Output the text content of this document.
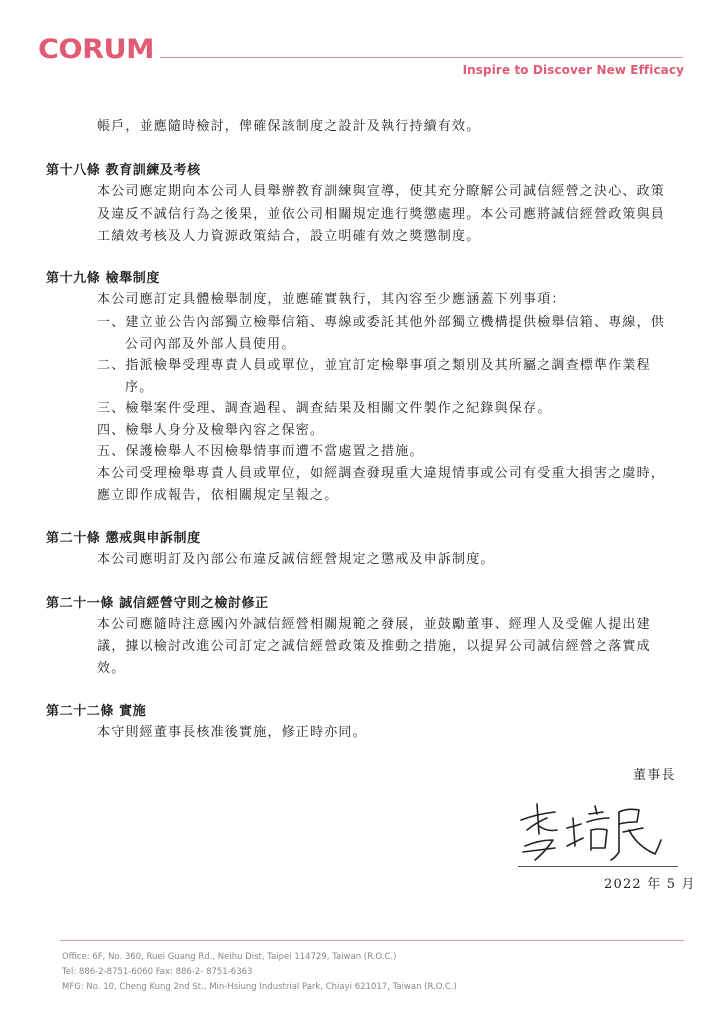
CORUM
Inspire to Discover New Efficacy
帳戶，並應隨時檢討，俾確保該制度之設計及執行持續有效。
第十八條 教育訓練及考核
本公司應定期向本公司人員舉辦教育訓練與宣導，使其充分瞭解公司誠信經營之決心、政策
及違反不誠信行為之後果，並依公司相關規定進行獎懲處理。本公司應將誠信經營政策與員
工績效考核及人力資源政策結合，設立明確有效之獎懲制度。
第十九條 檢舉制度
本公司應訂定具體檢舉制度，並應確實執行，其內容至少應涵蓋下列事項：
一、建立並公告內部獨立檢舉信箱、專線或委託其他外部獨立機構提供檢舉信箱、專線，供
公司內部及外部人員使用。
二、指派檢舉受理專責人員或單位，並宜訂定檢舉事項之類別及其所屬之調查標準作業程
序。
三、檢舉案件受理、調查過程、調查結果及相關文件製作之紀錄與保存。
四、檢舉人身分及檢舉內容之保密。
五、保護檢舉人不因檢舉情事而遭不當處置之措施。
本公司受理檢舉專責人員或單位，如經調查發現重大違規情事或公司有受重大損害之虞時，
應立即作成報告，依相關規定呈報之。
第二十條 懲戒與申訴制度
本公司應明訂及內部公布違反誠信經營規定之懲戒及申訴制度。
第二十一條 誠信經營守則之檢討修正
本公司應隨時注意國內外誠信經營相關規範之發展，並鼓勵董事、經理人及受僱人提出建
議，據以檢討改進公司訂定之誠信經營政策及推動之措施，以提昇公司誠信經營之落實成
效。
第二十二條 實施
本守則經董事長核准後實施，修正時亦同。
董事長
2022 年 5 月
Office: 6F, No. 360, Ruei Guang Rd., Neihu Dist, Taipei 114729, Taiwan (R.O.C.)
Tel: 886-2-8751-6060 Fax: 886-2- 8751-6363
MFG: No. 10, Cheng Kung 2nd St., Min-Hsiung Industrial Park, Chiayi 621017, Taiwan (R.O.C.)
